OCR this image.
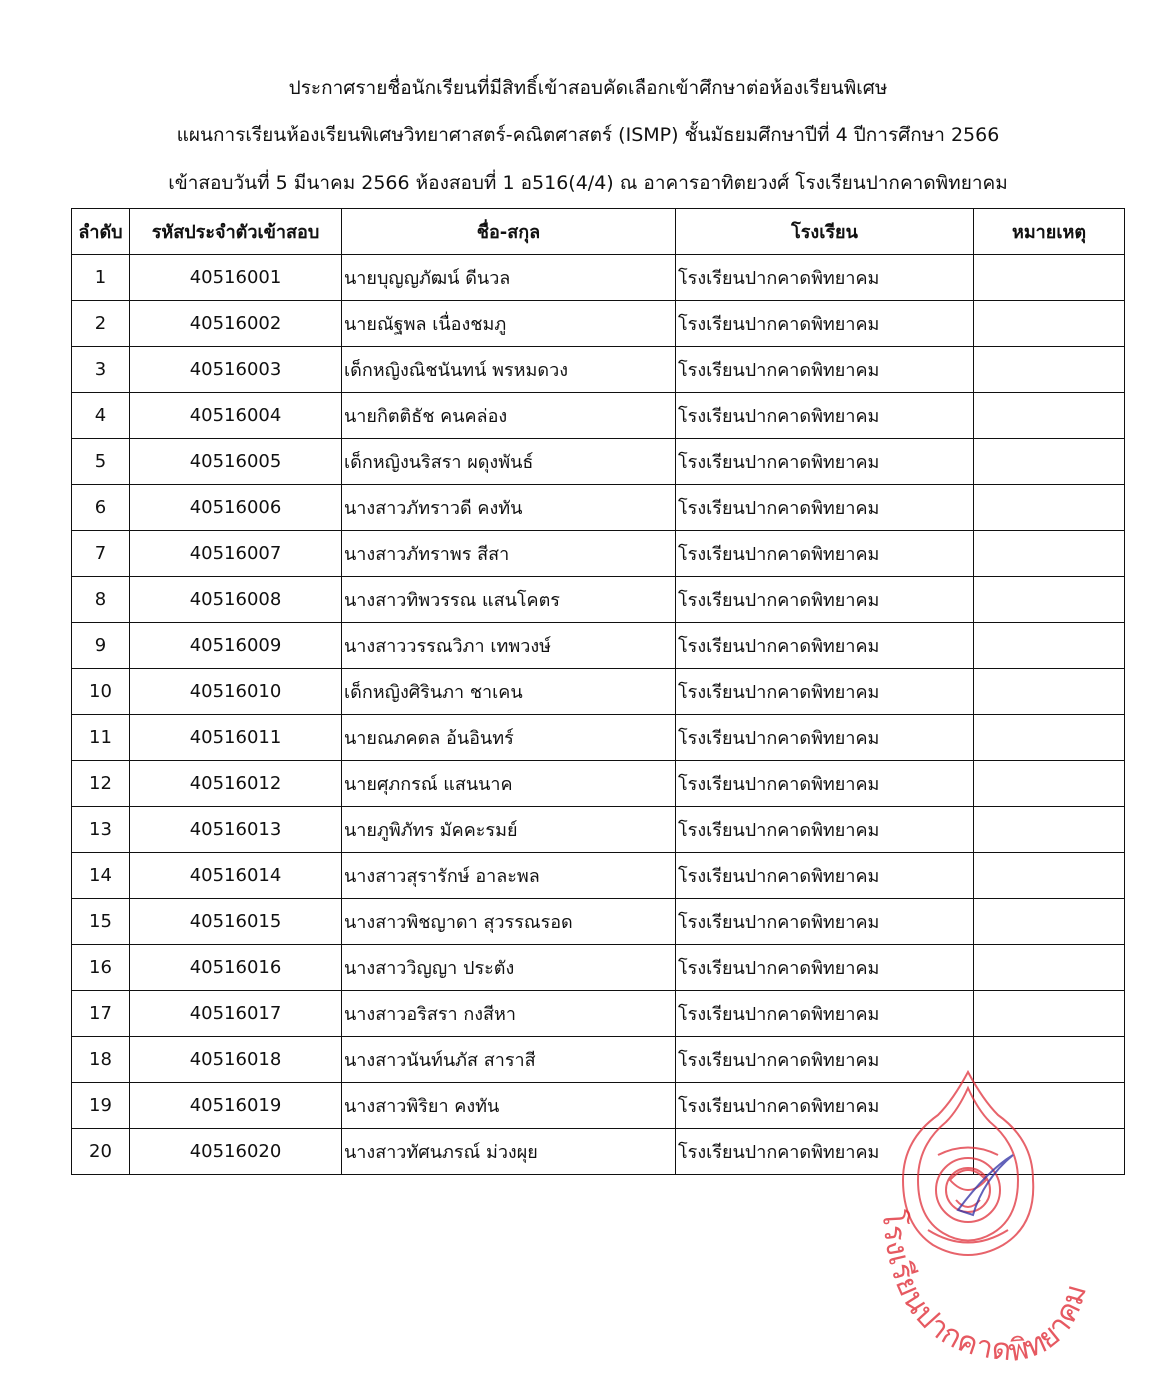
ประกาศรายชื่อนักเรียนที่มีสิทธิ์เข้าสอบคัดเลือกเข้าศึกษาต่อห้องเรียนพิเศษ
แผนการเรียนห้องเรียนพิเศษวิทยาศาสตร์-คณิตศาสตร์ (ISMP) ชั้นมัธยมศึกษาปีที่ 4 ปีการศึกษา 2566
เข้าสอบวันที่ 5 มีนาคม 2566 ห้องสอบที่ 1 อ516(4/4) ณ อาคารอาทิตยวงศ์ โรงเรียนปากคาดพิทยาคม
ลำดับ	รหัสประจำตัวเข้าสอบ	ชื่อ-สกุล	โรงเรียน	หมายเหตุ
1	40516001	นายบุญญภัฒน์ ดีนวล	โรงเรียนปากคาดพิทยาคม	
2	40516002	นายณัฐพล เนื่องชมภู	โรงเรียนปากคาดพิทยาคม	
3	40516003	เด็กหญิงณิชนันทน์ พรหมดวง	โรงเรียนปากคาดพิทยาคม	
4	40516004	นายกิตติธัช คนคล่อง	โรงเรียนปากคาดพิทยาคม	
5	40516005	เด็กหญิงนริสรา ผดุงพันธ์	โรงเรียนปากคาดพิทยาคม	
6	40516006	นางสาวภัทราวดี คงทัน	โรงเรียนปากคาดพิทยาคม	
7	40516007	นางสาวภัทราพร สีสา	โรงเรียนปากคาดพิทยาคม	
8	40516008	นางสาวทิพวรรณ แสนโคตร	โรงเรียนปากคาดพิทยาคม	
9	40516009	นางสาววรรณวิภา เทพวงษ์	โรงเรียนปากคาดพิทยาคม	
10	40516010	เด็กหญิงศิรินภา ชาเคน	โรงเรียนปากคาดพิทยาคม	
11	40516011	นายณภคดล อ้นอินทร์	โรงเรียนปากคาดพิทยาคม	
12	40516012	นายศุภกรณ์ แสนนาค	โรงเรียนปากคาดพิทยาคม	
13	40516013	นายภูพิภัทร มัคคะรมย์	โรงเรียนปากคาดพิทยาคม	
14	40516014	นางสาวสุรารักษ์ อาละพล	โรงเรียนปากคาดพิทยาคม	
15	40516015	นางสาวพิชญาดา สุวรรณรอด	โรงเรียนปากคาดพิทยาคม	
16	40516016	นางสาววิญญา ประตัง	โรงเรียนปากคาดพิทยาคม	
17	40516017	นางสาวอริสรา กงสีหา	โรงเรียนปากคาดพิทยาคม	
18	40516018	นางสาวนันท์นภัส สาราสี	โรงเรียนปากคาดพิทยาคม	
19	40516019	นางสาวพิริยา คงทัน	โรงเรียนปากคาดพิทยาคม	
20	40516020	นางสาวทัศนภรณ์ ม่วงผุย	โรงเรียนปากคาดพิทยาคม	
โรงเรียนปากคาดพิทยาคม
